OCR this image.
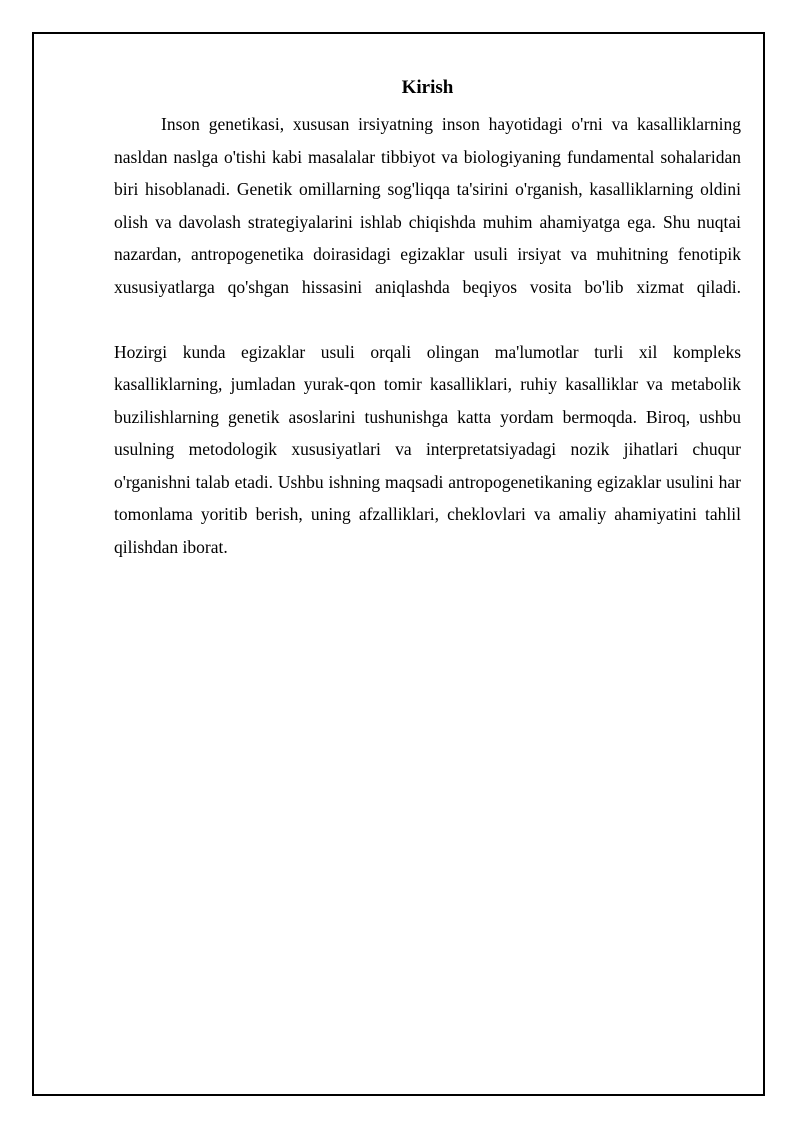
Kirish

Inson genetikasi, xususan irsiyatning inson hayotidagi o'rni va kasalliklarning nasldan naslga o'tishi kabi masalalar tibbiyot va biologiyaning fundamental sohalaridan biri hisoblanadi. Genetik omillarning sog'liqqa ta'sirini o'rganish, kasalliklarning oldini olish va davolash strategiyalarini ishlab chiqishda muhim ahamiyatga ega. Shu nuqtai nazardan, antropogenetika doirasidagi egizaklar usuli irsiyat va muhitning fenotipik xususiyatlarga qo'shgan hissasini aniqlashda beqiyos vosita bo'lib xizmat qiladi.

Hozirgi kunda egizaklar usuli orqali olingan ma'lumotlar turli xil kompleks kasalliklarning, jumladan yurak-qon tomir kasalliklari, ruhiy kasalliklar va metabolik buzilishlarning genetik asoslarini tushunishga katta yordam bermoqda. Biroq, ushbu usulning metodologik xususiyatlari va interpretatsiyadagi nozik jihatlari chuqur o'rganishni talab etadi. Ushbu ishning maqsadi antropogenetikaning egizaklar usulini har tomonlama yoritib berish, uning afzalliklari, cheklovlari va amaliy ahamiyatini tahlil qilishdan iborat.
